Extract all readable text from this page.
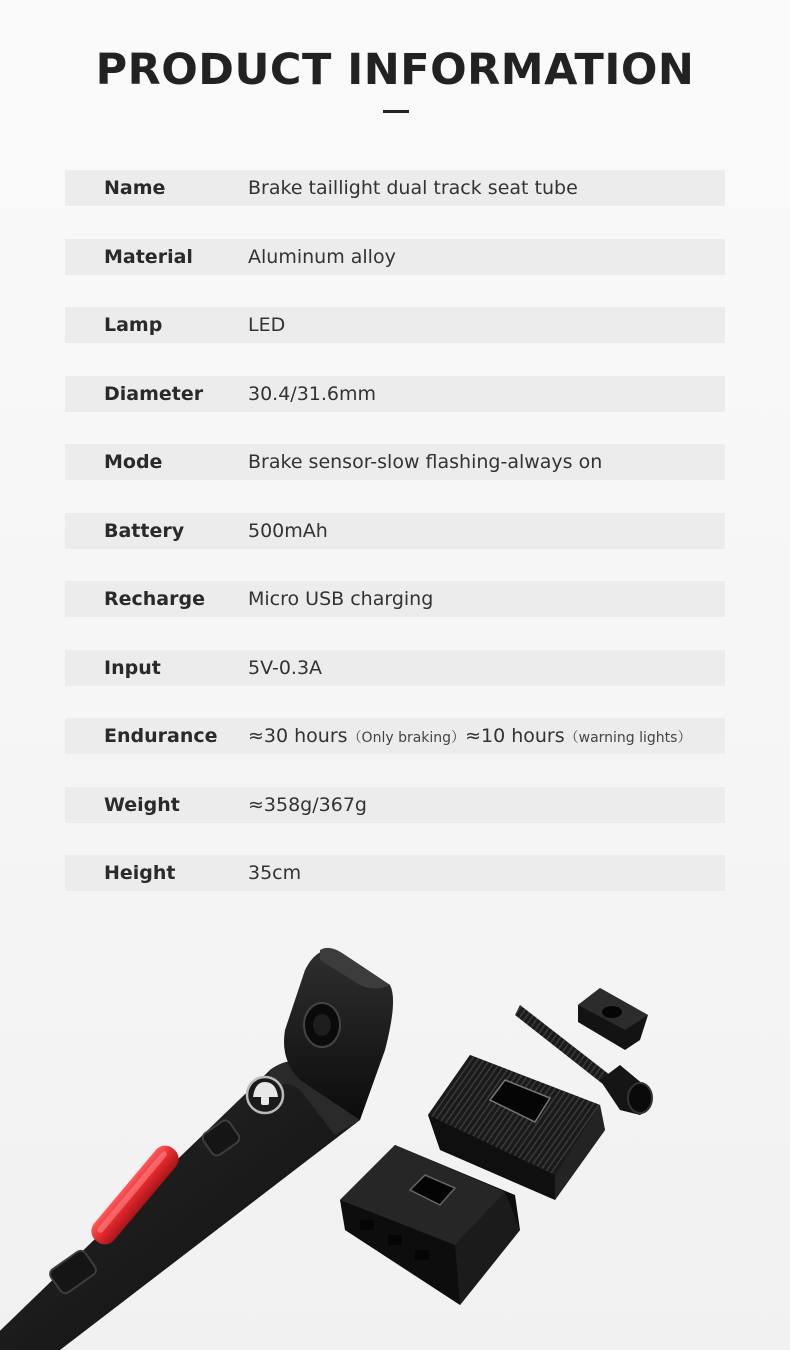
PRODUCT INFORMATION
Name	Brake taillight dual track seat tube
Material	Aluminum alloy
Lamp	LED
Diameter 30.4/31.6mm
Mode	Brake sensor-slow flashing-always on
Battery	500mAh
Recharge Micro USB charging
Input	5V-0.3A
Endurance ≈30 hours（Only braking）≈10 hours（warning lights）
Weight	≈358g/367g
Height	35cm
